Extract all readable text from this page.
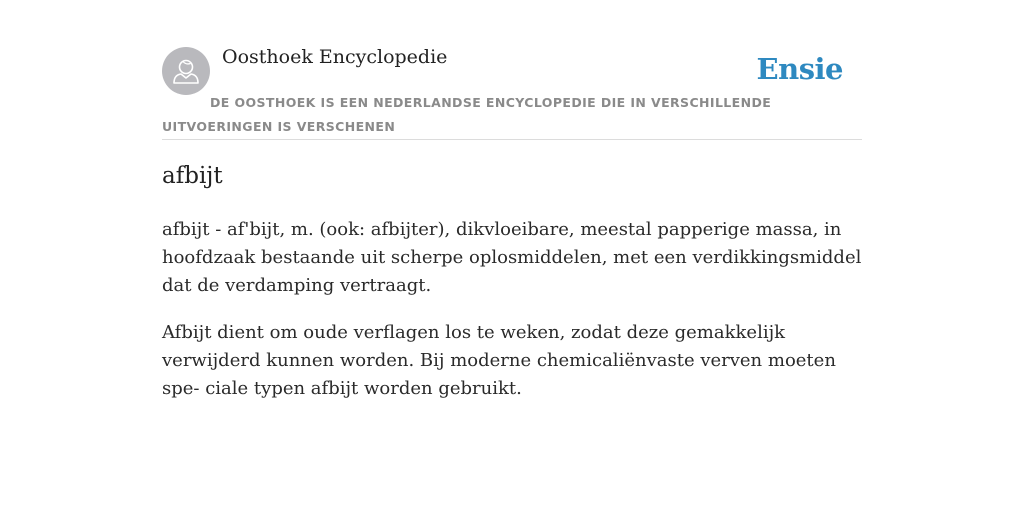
Oosthoek Encyclopedie	Ensie
DE OOSTHOEK IS EEN NEDERLANDSE ENCYCLOPEDIE DIE IN VERSCHILLENDE UITVOERINGEN IS VERSCHENEN
afbijt

afbijt - af'bijt, m. (ook: afbijter), dikvloeibare, meestal papperige massa, in hoofdzaak bestaande uit scherpe oplosmiddelen, met een verdikkingsmiddel dat de verdamping vertraagt.

Afbijt dient om oude verflagen los te weken, zodat deze gemakkelijk verwijderd kunnen worden. Bij moderne chemicaliënvaste verven moeten spe- ciale typen afbijt worden gebruikt.
